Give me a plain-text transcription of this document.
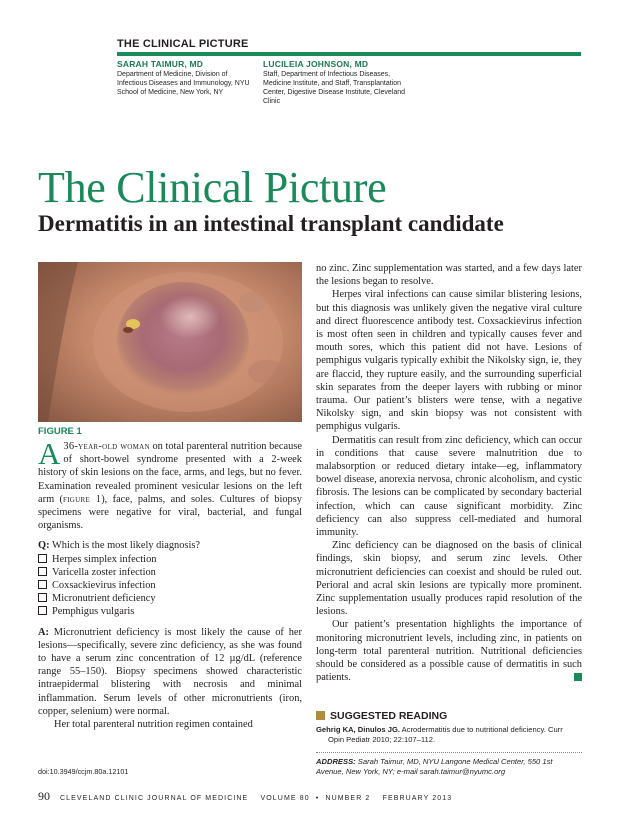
THE CLINICAL PICTURE
SARAH TAIMUR, MD
Department of Medicine, Division of Infectious Diseases and Immunology, NYU School of Medicine, New York, NY
LUCILEIA JOHNSON, MD
Staff, Department of Infectious Diseases, Medicine Institute, and Staff, Transplantation Center, Digestive Disease Institute, Cleveland Clinic
The Clinical Picture
Dermatitis in an intestinal transplant candidate
FIGURE 1

A 36-year-old woman on total parenteral nutrition because of short-bowel syndrome presented with a 2-week history of skin lesions on the face, arms, and legs, but no fever. Examination revealed prominent vesicular lesions on the left arm (figure 1), face, palms, and soles. Cultures of biopsy specimens were negative for viral, bacterial, and fungal organisms.

Q: Which is the most likely diagnosis?

Herpes simplex infection
Varicella zoster infection
Coxsackievirus infection
Micronutrient deficiency
Pemphigus vulgaris

A: Micronutrient deficiency is most likely the cause of her lesions—specifically, severe zinc deficiency, as she was found to have a serum zinc concentration of 12 µg/dL (reference range 55–150). Biopsy specimens showed characteristic intraepidermal blistering with necrosis and minimal inflammation. Serum levels of other micronutrients (iron, copper, selenium) were normal.

Her total parenteral nutrition regimen contained

no zinc. Zinc supplementation was started, and a few days later the lesions began to resolve.

Herpes viral infections can cause similar blistering lesions, but this diagnosis was unlikely given the negative viral culture and direct fluorescence antibody test. Coxsackievirus infection is most often seen in children and typically causes fever and mouth sores, which this patient did not have. Lesions of pemphigus vulgaris typically exhibit the Nikolsky sign, ie, they are flaccid, they rupture easily, and the surrounding superficial skin separates from the deeper layers with rubbing or minor trauma. Our patient’s blisters were tense, with a negative Nikolsky sign, and skin biopsy was not consistent with pemphigus vulgaris.

Dermatitis can result from zinc deficiency, which can occur in conditions that cause severe malnutrition due to malabsorption or reduced dietary intake—eg, inflammatory bowel disease, anorexia nervosa, chronic alcoholism, and cystic fibrosis. The lesions can be complicated by secondary bacterial infection, which can cause significant morbidity. Zinc deficiency can also suppress cell-mediated and humoral immunity.

Zinc deficiency can be diagnosed on the basis of clinical findings, skin biopsy, and serum zinc levels. Other micronutrient deficiencies can coexist and should be ruled out. Perioral and acral skin lesions are typically more prominent. Zinc supplementation usually produces rapid resolution of the lesions.

Our patient’s presentation highlights the importance of monitoring micronutrient levels, including zinc, in patients on long-term total parenteral nutrition. Nutritional deficiencies should be considered as a possible cause of dermatitis in such patients.

SUGGESTED READING
Gehrig KA, Dinulos JG. Acrodermatitis due to nutritional deficiency. Curr
Opin Pediatr 2010; 22:107–112.
ADDRESS: Sarah Taimur, MD, NYU Langone Medical Center, 550 1st Avenue, New York, NY; e-mail sarah.taimur@nyumc.org
doi:10.3949/ccjm.80a.12101
90 CLEVELAND CLINIC JOURNAL OF MEDICINE    VOLUME 80  •  NUMBER 2    FEBRUARY 2013
